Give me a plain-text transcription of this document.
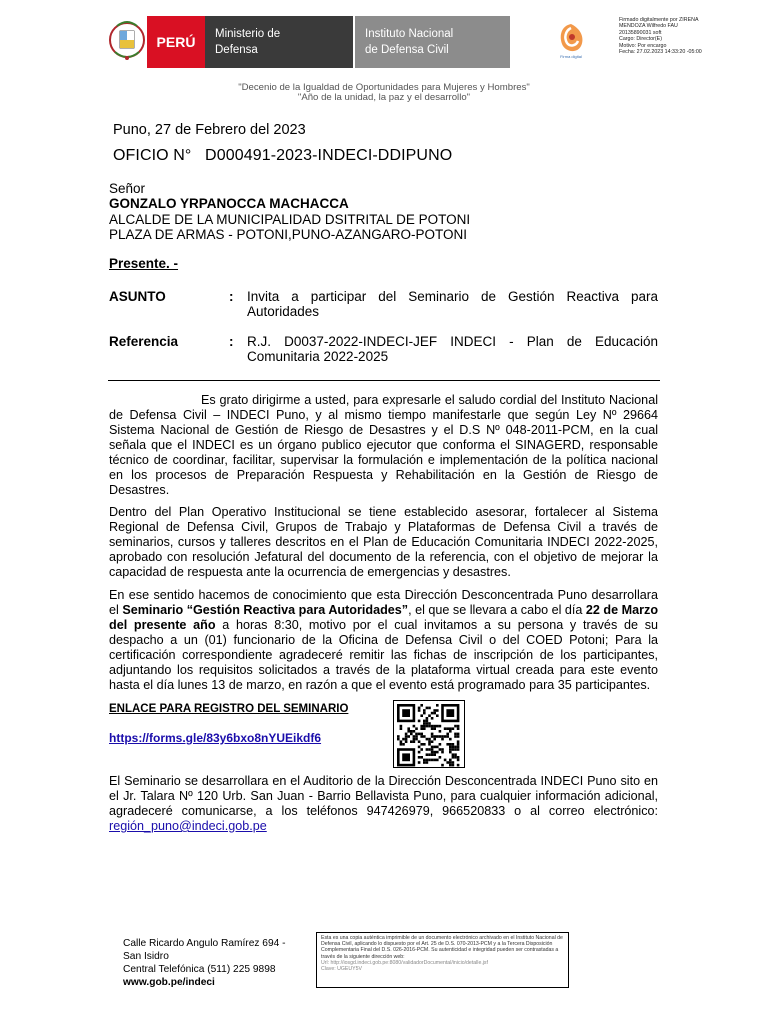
PERÚ Ministerio de
Defensa
Instituto Nacional
de Defensa Civil
Firma digital
Firmado digitalmente por ZIRENA
MENDOZA Wilfredo FAU
20135890031 soft
Cargo: Director(E)
Motivo: Por encargo
Fecha: 27.02.2023 14:33:20 -05:00
"Decenio de la Igualdad de Oportunidades para Mujeres y Hombres"
"Año de la unidad, la paz y el desarrollo"
Puno, 27 de Febrero del 2023
OFICIO N°   D000491-2023-INDECI-DDIPUNO
Señor
GONZALO YRPANOCCA MACHACCA
ALCALDE DE LA MUNICIPALIDAD DSITRITAL DE POTONI
PLAZA DE ARMAS - POTONI,PUNO-AZANGARO-POTONI
Presente. -
ASUNTO	: Invita a participar del Seminario de Gestión Reactiva para Autoridades
Referencia	: R.J. D0037-2022-INDECI-JEF INDECI - Plan de Educación Comunitaria 2022-2025
Es grato dirigirme a usted, para expresarle el saludo cordial del Instituto Nacional de Defensa Civil – INDECI Puno, y al mismo tiempo manifestarle que según Ley Nº 29664 Sistema Nacional de Gestión de Riesgo de Desastres y el D.S Nº 048-2011-PCM, en la cual señala que el INDECI es un órgano publico ejecutor que conforma el SINAGERD, responsable técnico de coordinar, facilitar, supervisar la formulación e implementación de la política nacional en los procesos de Preparación Respuesta y Rehabilitación en la Gestión de Riesgo de Desastres.
Dentro del Plan Operativo Institucional se tiene establecido asesorar, fortalecer al Sistema Regional de Defensa Civil, Grupos de Trabajo y Plataformas de Defensa Civil a través de seminarios, cursos y talleres descritos en el Plan de Educación Comunitaria INDECI 2022-2025, aprobado con resolución Jefatural del documento de la referencia, con el objetivo de mejorar la capacidad de respuesta ante la ocurrencia de emergencias y desastres.
En ese sentido hacemos de conocimiento que esta Dirección Desconcentrada Puno desarrollara el Seminario “Gestión Reactiva para Autoridades”, el que se llevara a cabo el día 22 de Marzo del presente año a horas 8:30, motivo por el cual invitamos a su persona y través de su despacho a un (01) funcionario de la Oficina de Defensa Civil o del COED Potoni; Para la certificación correspondiente agradeceré remitir las fichas de inscripción de los participantes, adjuntando los requisitos solicitados a través de la plataforma virtual creada para este evento hasta el día lunes 13 de marzo, en razón a que el evento está programado para 35 participantes.
ENLACE PARA REGISTRO DEL SEMINARIO
https://forms.gle/83y6bxo8nYUEikdf6
El Seminario se desarrollara en el Auditorio de la Dirección Desconcentrada INDECI Puno sito en el Jr. Talara Nº 120 Urb. San Juan - Barrio Bellavista Puno, para cualquier información adicional, agradeceré comunicarse, a los teléfonos 947426979, 966520833 o al correo electrónico: región_puno@indeci.gob.pe
Calle Ricardo Angulo Ramírez 694 -
San Isidro
Central Telefónica (511) 225 9898
www.gob.pe/indeci
Esta es una copia auténtica imprimible de un documento electrónico archivado en el Instituto Nacional de Defensa Civil, aplicando lo dispuesto por el Art. 25 de D.S. 070-2013-PCM y a la Tercera Disposición Complementaria Final del D.S. 026-2016-PCM. Su autenticidad e integridad pueden ser contrastadas a través de la siguiente dirección web:
Url: http://iosgd.indeci.gob.pe:8080/validadorDocumental/inicio/detalle.jsf
Clave: UGEUY5V
